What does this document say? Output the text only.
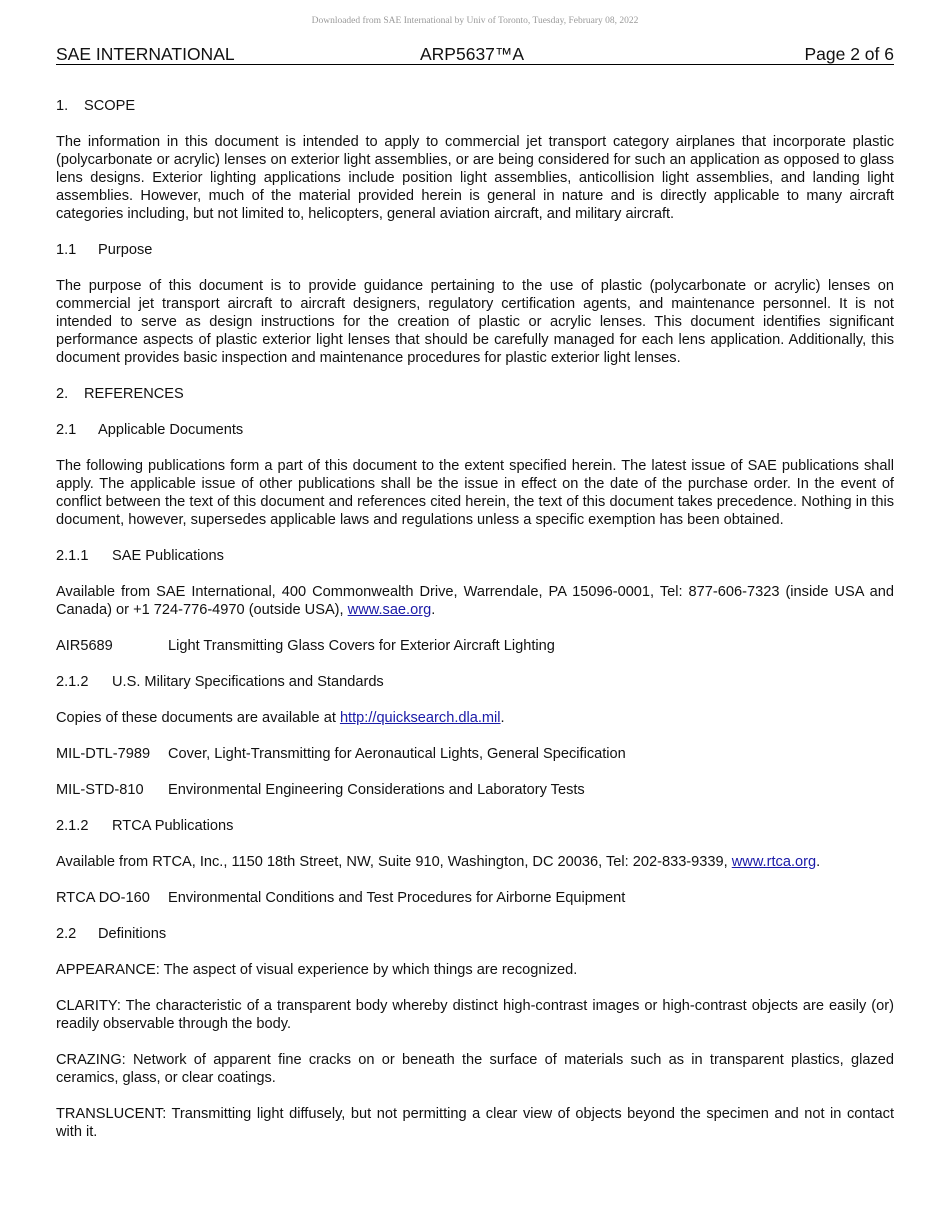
Downloaded from SAE International by Univ of Toronto, Tuesday, February 08, 2022
SAE INTERNATIONAL	ARP5637™A	Page 2 of 6
1. SCOPE

The information in this document is intended to apply to commercial jet transport category airplanes that incorporate plastic (polycarbonate or acrylic) lenses on exterior light assemblies, or are being considered for such an application as opposed to glass lens designs. Exterior lighting applications include position light assemblies, anticollision light assemblies, and landing light assemblies. However, much of the material provided herein is general in nature and is directly applicable to many aircraft categories including, but not limited to, helicopters, general aviation aircraft, and military aircraft.

1.1 Purpose

The purpose of this document is to provide guidance pertaining to the use of plastic (polycarbonate or acrylic) lenses on commercial jet transport aircraft to aircraft designers, regulatory certification agents, and maintenance personnel. It is not intended to serve as design instructions for the creation of plastic or acrylic lenses. This document identifies significant performance aspects of plastic exterior light lenses that should be carefully managed for each lens application. Additionally, this document provides basic inspection and maintenance procedures for plastic exterior light lenses.

2. REFERENCES
2.1 Applicable Documents

The following publications form a part of this document to the extent specified herein. The latest issue of SAE publications shall apply. The applicable issue of other publications shall be the issue in effect on the date of the purchase order. In the event of conflict between the text of this document and references cited herein, the text of this document takes precedence. Nothing in this document, however, supersedes applicable laws and regulations unless a specific exemption has been obtained.

2.1.1 SAE Publications

Available from SAE International, 400 Commonwealth Drive, Warrendale, PA 15096-0001, Tel: 877-606-7323 (inside USA and Canada) or +1 724-776-4970 (outside USA), www.sae.org.

AIR5689	Light Transmitting Glass Covers for Exterior Aircraft Lighting
2.1.2 U.S. Military Specifications and Standards

Copies of these documents are available at http://quicksearch.dla.mil.

MIL-DTL-7989 Cover, Light-Transmitting for Aeronautical Lights, General Specification
MIL-STD-810 Environmental Engineering Considerations and Laboratory Tests
2.1.2 RTCA Publications

Available from RTCA, Inc., 1150 18th Street, NW, Suite 910, Washington, DC 20036, Tel: 202-833-9339, www.rtca.org.

RTCA DO-160 Environmental Conditions and Test Procedures for Airborne Equipment
2.2 Definitions

APPEARANCE: The aspect of visual experience by which things are recognized.

CLARITY: The characteristic of a transparent body whereby distinct high-contrast images or high-contrast objects are easily (or) readily observable through the body.

CRAZING: Network of apparent fine cracks on or beneath the surface of materials such as in transparent plastics, glazed ceramics, glass, or clear coatings.

TRANSLUCENT: Transmitting light diffusely, but not permitting a clear view of objects beyond the specimen and not in contact with it.
